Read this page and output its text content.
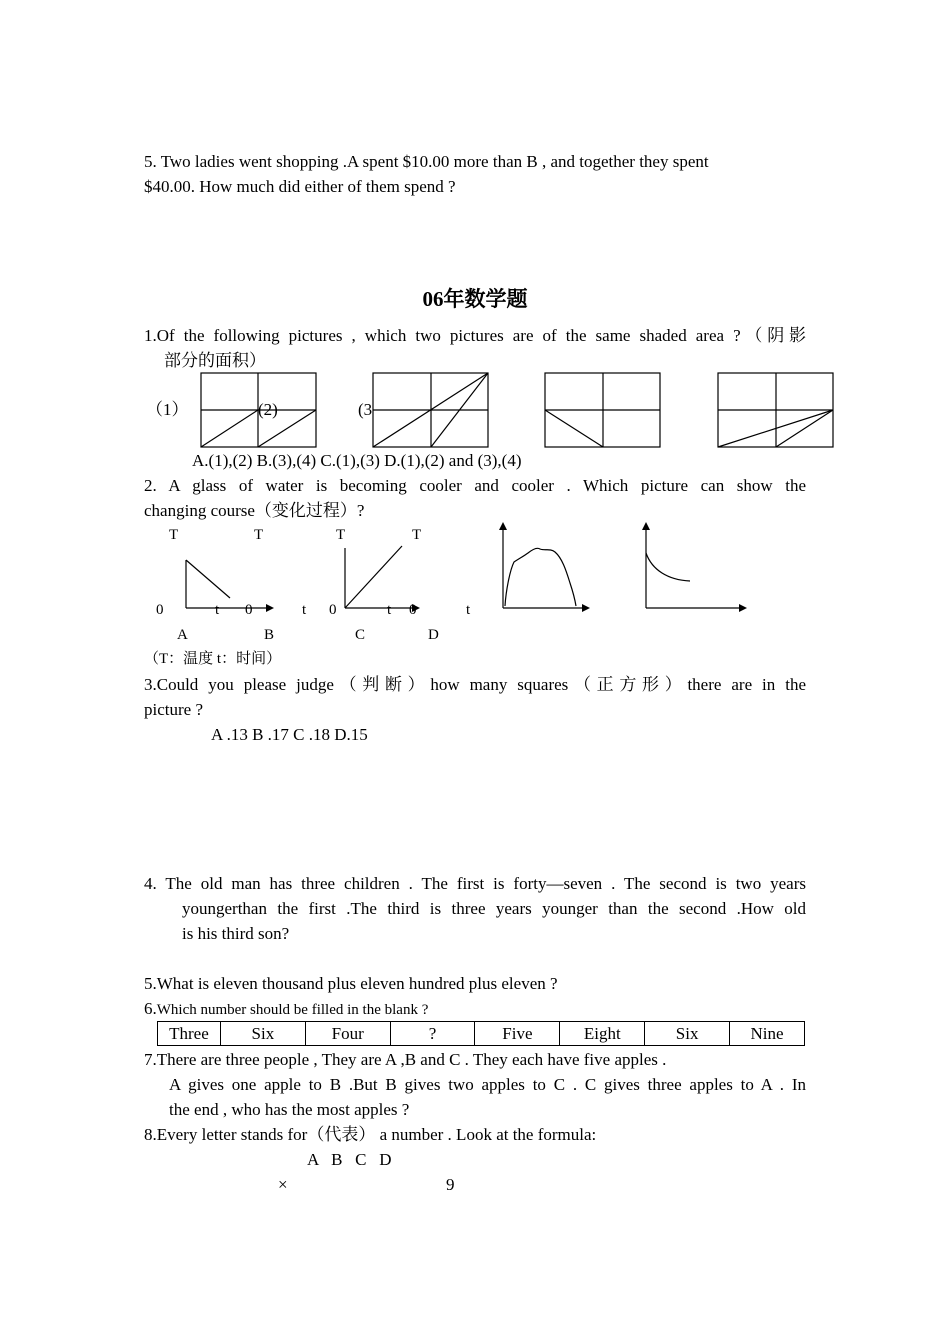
5. Two ladies went shopping .A spent $10.00 more than B , and together they spent
$40.00. How much did either of them spend ?
06年数学题
1.Of the following pictures , which two pictures are of the same shaded area ?（阴影
部分的面积）
（1）	(2)	(3
A.(1),(2) B.(3),(4) C.(1),(3) D.(1),(2) and (3),(4)
2. A glass of water is becoming cooler and cooler . Which picture can show the
changing course（变化过程）?
T	T	T	T
0	t 0	t 0	t 0	t
A	B	C	D
（T：温度 t：时间）
3.Could you please judge（判断）how many squares（正方形）there are in the
picture ?
A .13 B .17 C .18 D.15
4. The old man has three children . The first is forty—seven . The second is two years
youngerthan the first .The third is three years younger than the second .How old
is his third son?
5.What is eleven thousand plus eleven hundred plus eleven ?
6.Which number should be filled in the blank ?
Three	Six	Four	?	Five	Eight	Six	Nine
7.There are three people , They are A ,B and C . They each have five apples .
A gives one apple to B .But B gives two apples to C . C gives three apples to A . In
the end , who has the most apples ?
8.Every letter stands for（代表） a number . Look at the formula:
A   B   C   D
×	9
